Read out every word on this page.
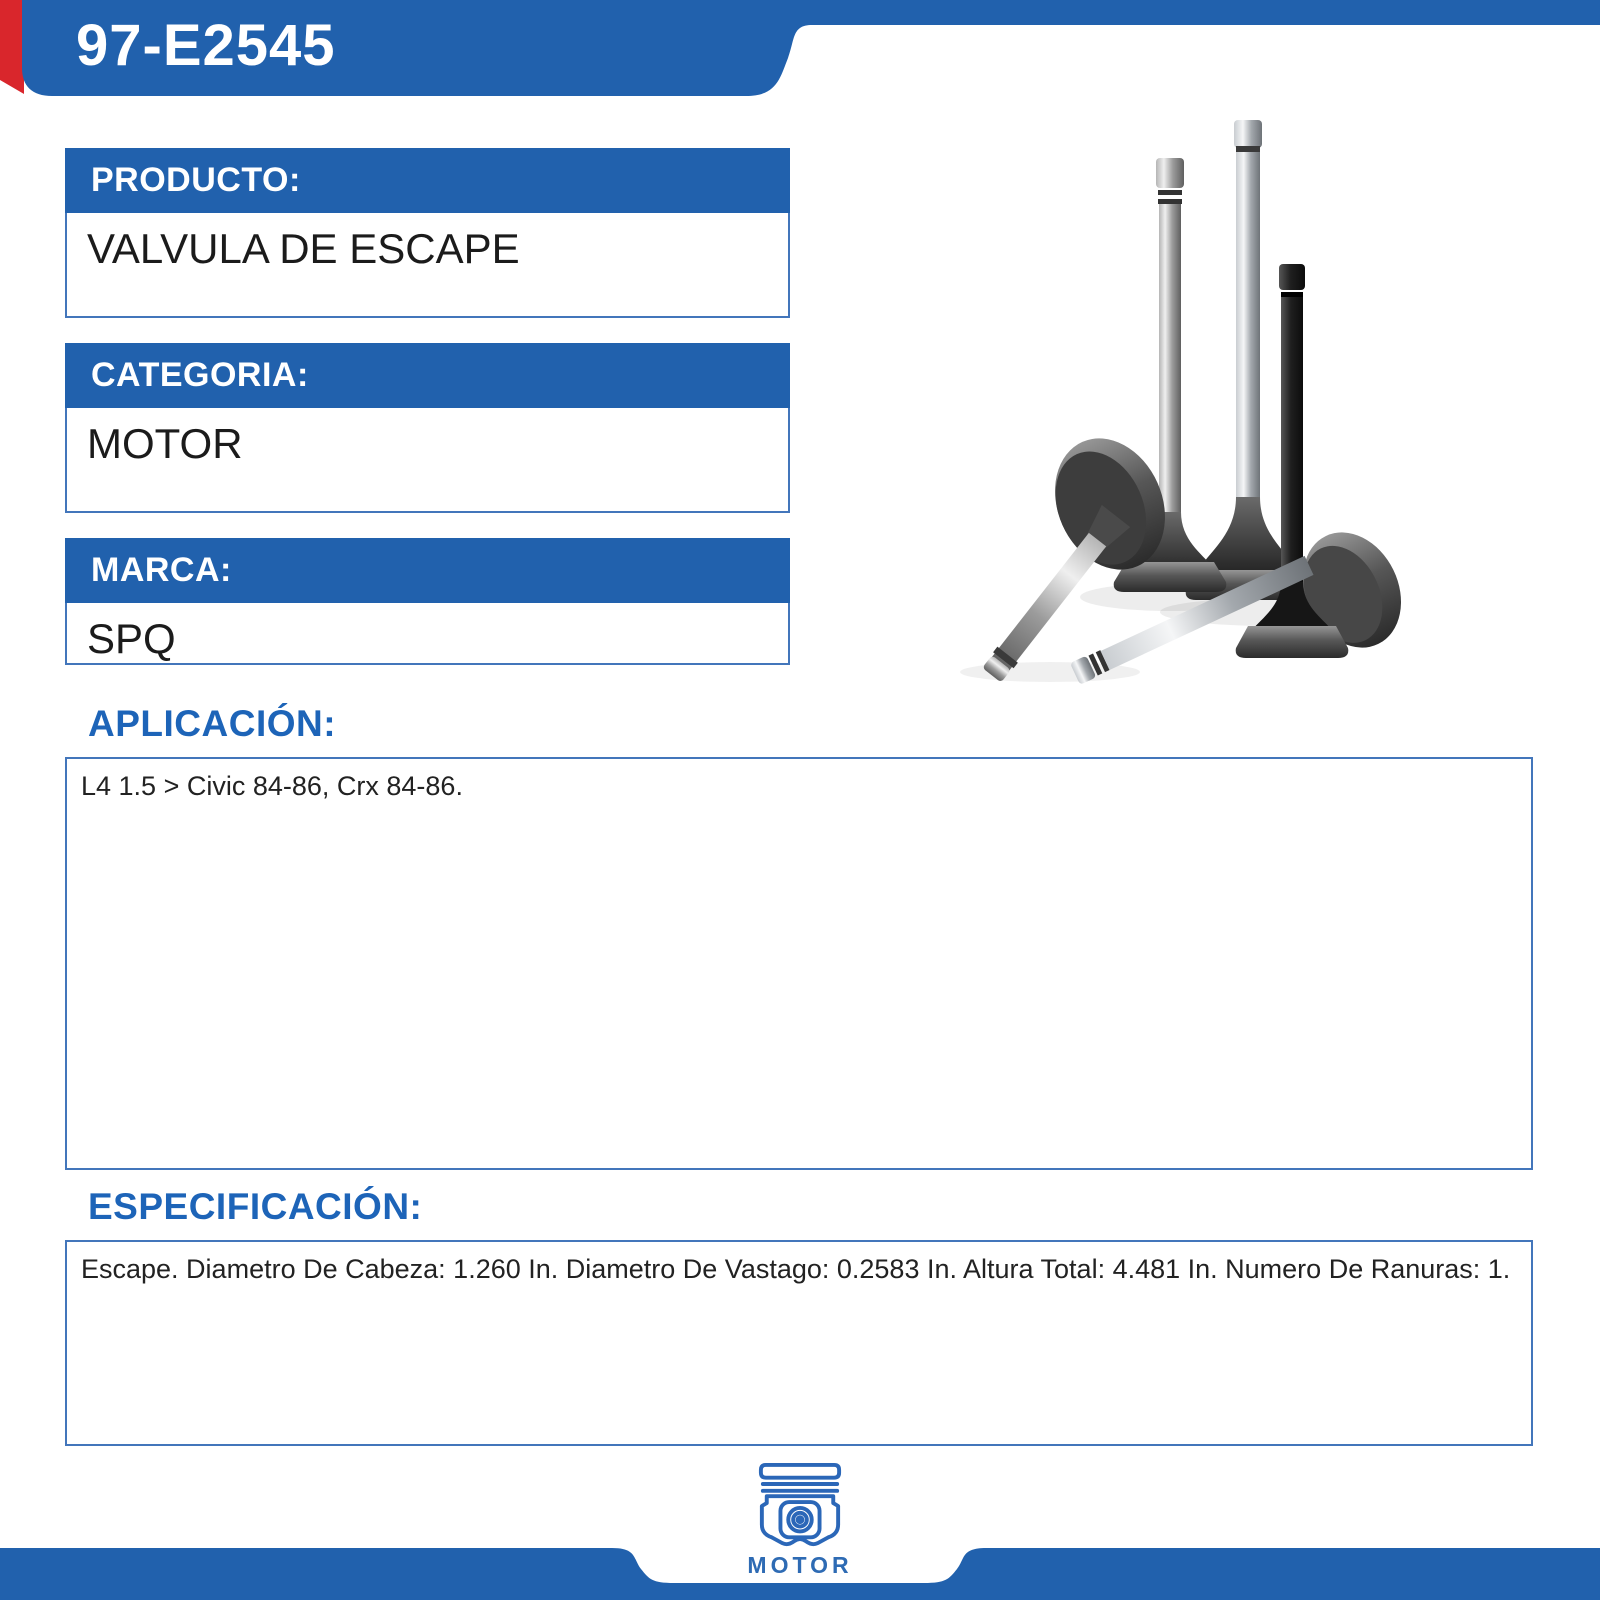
97-E2545
PRODUCTO:
VALVULA DE ESCAPE
CATEGORIA:
MOTOR
MARCA:
SPQ
APLICACIÓN:
L4 1.5 > Civic 84-86, Crx 84-86.
ESPECIFICACIÓN:
Escape. Diametro De Cabeza: 1.260 In. Diametro De Vastago: 0.2583 In. Altura Total: 4.481 In. Numero De Ranuras: 1.
MOTOR
